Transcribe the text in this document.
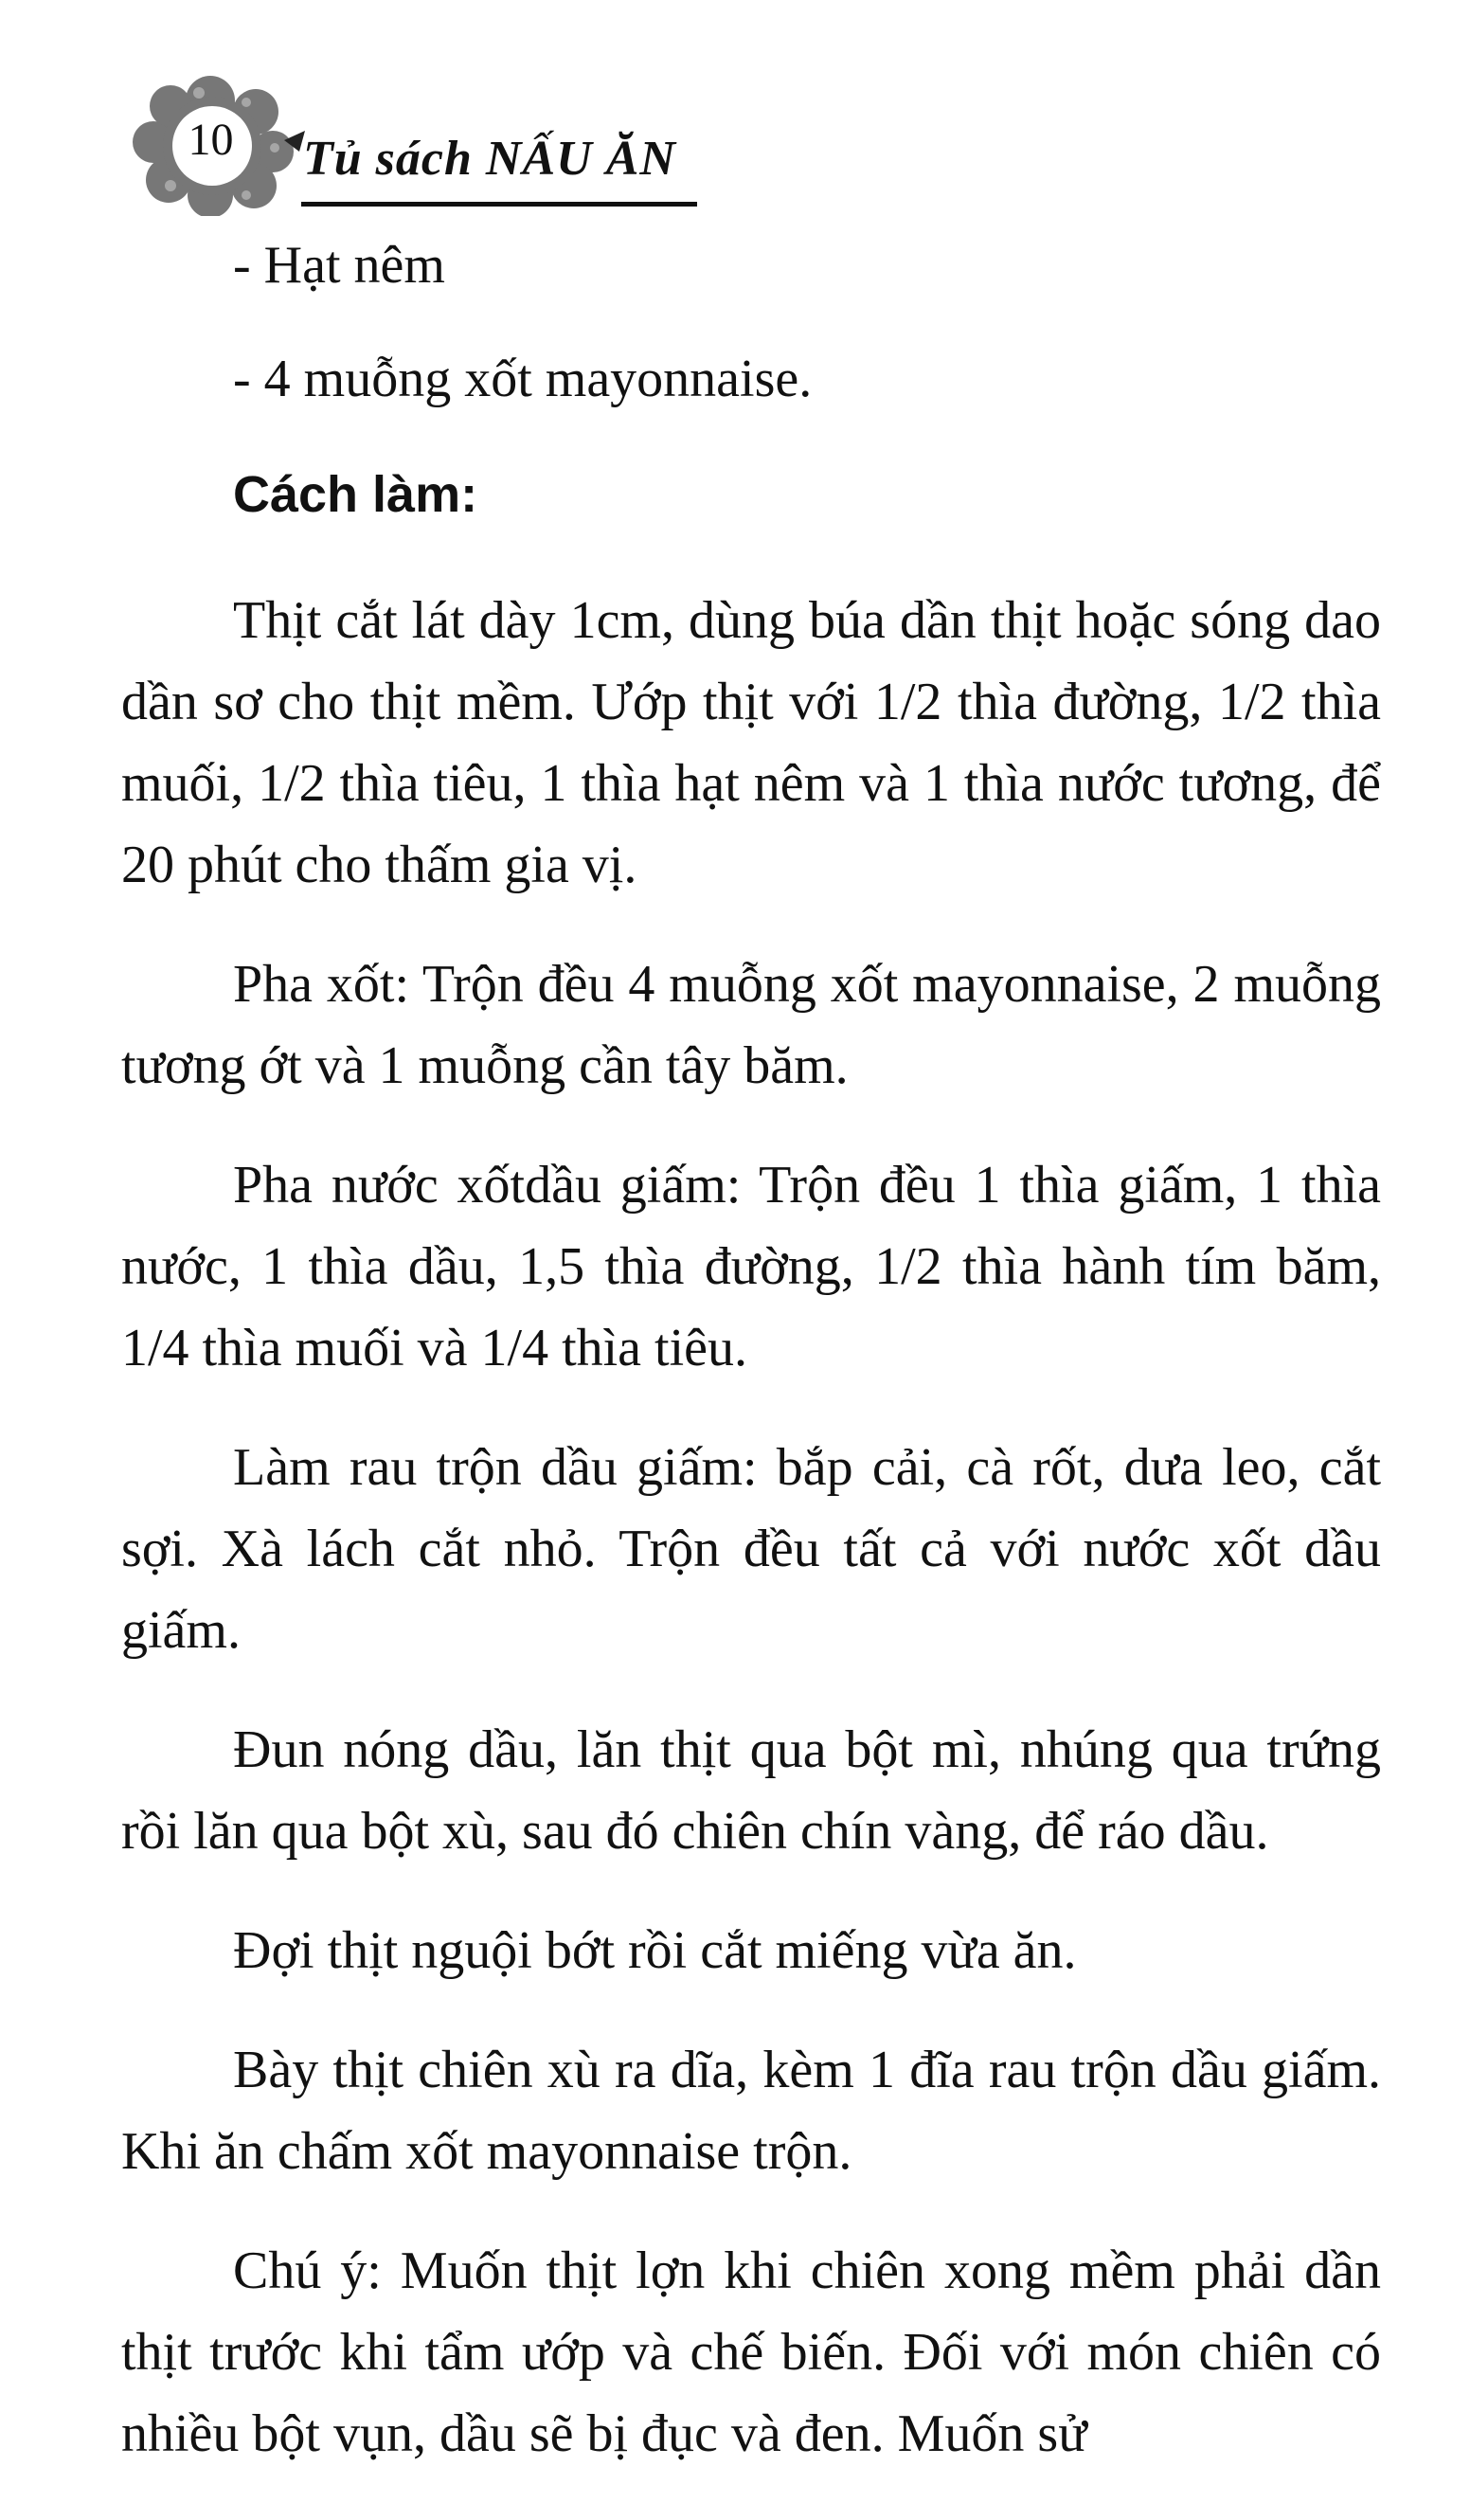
10	Tủ sách NẤU ĂN
- Hạt nêm
- 4 muỗng xốt mayonnaise.
Cách làm:

Thịt cắt lát dày 1cm, dùng búa dần thịt hoặc sóng dao dần sơ cho thịt mềm. Ướp thịt với 1/2 thìa đường, 1/2 thìa muối, 1/2 thìa tiêu, 1 thìa hạt nêm và 1 thìa nước tương, để 20 phút cho thấm gia vị.

Pha xốt: Trộn đều 4 muỗng xốt mayonnaise, 2 muỗng tương ớt và 1 muỗng cần tây băm.

Pha nước xốtdầu giấm: Trộn đều 1 thìa giấm, 1 thìa nước, 1 thìa dầu, 1,5 thìa đường, 1/2 thìa hành tím băm, 1/4 thìa muối và 1/4 thìa tiêu.

Làm rau trộn dầu giấm: bắp cải, cà rốt, dưa leo, cắt sợi. Xà lách cắt nhỏ. Trộn đều tất cả với nước xốt dầu giấm.

Đun nóng dầu, lăn thịt qua bột mì, nhúng qua trứng rồi lăn qua bột xù, sau đó chiên chín vàng, để ráo dầu.

Đợi thịt nguội bớt rồi cắt miếng vừa ăn.

Bày thịt chiên xù ra dĩa, kèm 1 đĩa rau trộn dầu giấm. Khi ăn chấm xốt mayonnaise trộn.

Chú ý: Muốn thịt lợn khi chiên xong mềm phải dần thịt trước khi tẩm ướp và chế biến. Đối với món chiên có nhiều bột vụn, dầu sẽ bị đục và đen. Muốn sử
